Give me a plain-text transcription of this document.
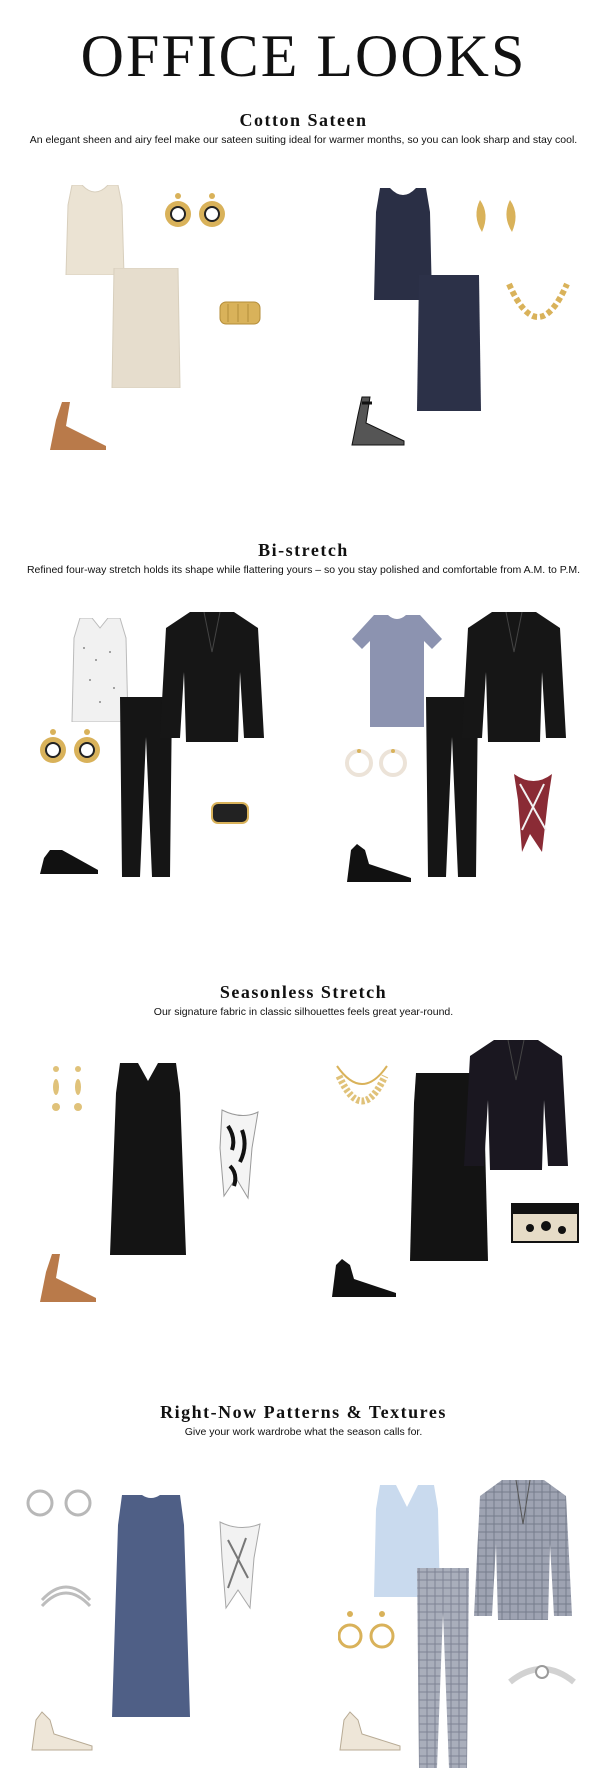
OFFICE LOOKS
Cotton Sateen
An elegant sheen and airy feel make our sateen suiting ideal for warmer months, so you can look sharp and stay cool.
Bi-stretch
Refined four-way stretch holds its shape while flattering yours – so you stay polished and comfortable from A.M. to P.M.
Seasonless Stretch
Our signature fabric in classic silhouettes feels great year-round.
Right-Now Patterns & Textures
Give your work wardrobe what the season calls for.
